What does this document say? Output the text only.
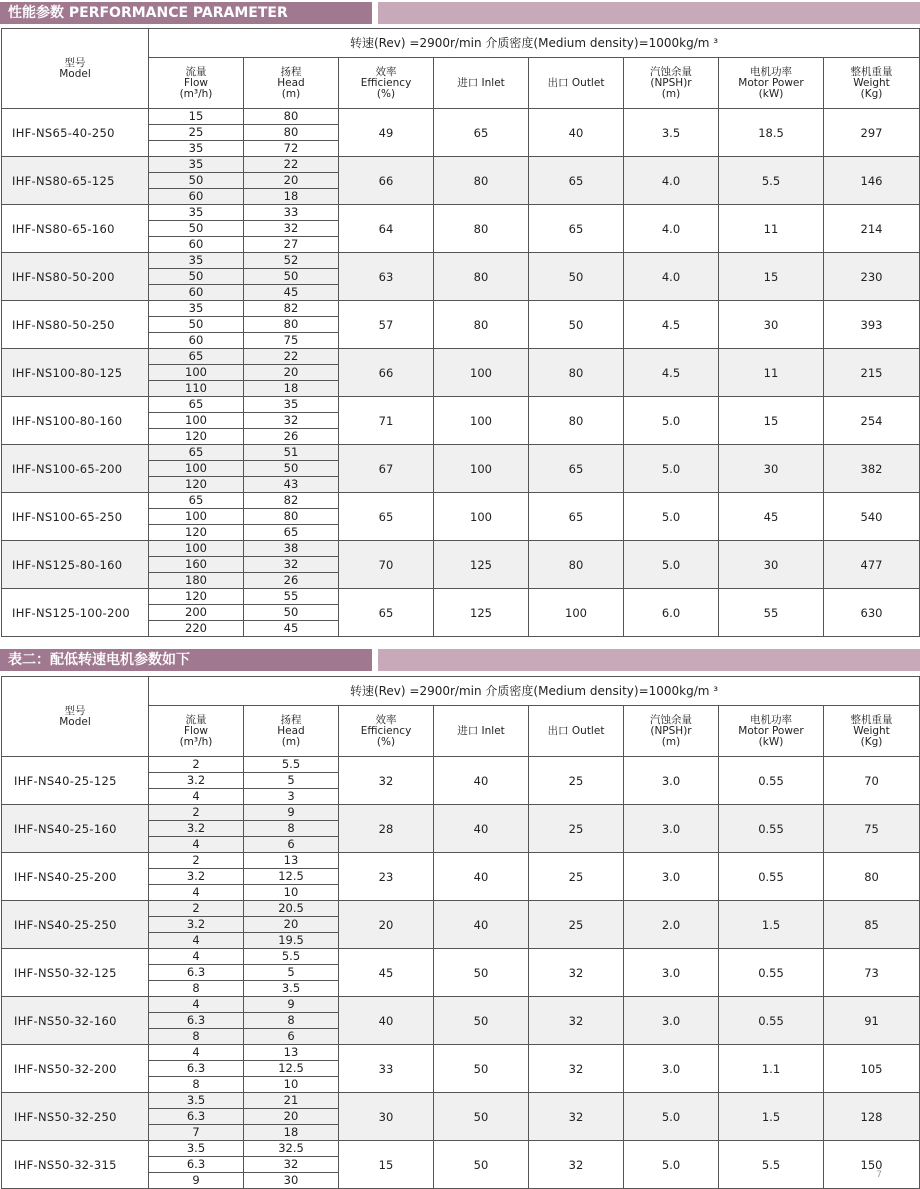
性能参数 PERFORMANCE PARAMETER
型号
Model	转速(Rev) =2900r/min 介质密度(Medium density)=1000kg/m ³							
	流量
Flow
(m³/h)	扬程
Head
(m)	效率
Efficiency
(%)	进口 Inlet	出口 Outlet	汽蚀余量
(NPSH)r
(m)	电机功率
Motor Power
(kW)	整机重量
Weight
(Kg)
IHF-NS65-40-250	15	80	49	65	40	3.5	18.5	297
	25	80						
	35	72						
IHF-NS80-65-125	35	22	66	80	65	4.0	5.5	146
	50	20						
	60	18						
IHF-NS80-65-160	35	33	64	80	65	4.0	11	214
	50	32						
	60	27						
IHF-NS80-50-200	35	52	63	80	50	4.0	15	230
	50	50						
	60	45						
IHF-NS80-50-250	35	82	57	80	50	4.5	30	393
	50	80						
	60	75						
IHF-NS100-80-125	65	22	66	100	80	4.5	11	215
	100	20						
	110	18						
IHF-NS100-80-160	65	35	71	100	80	5.0	15	254
	100	32						
	120	26						
IHF-NS100-65-200	65	51	67	100	65	5.0	30	382
	100	50						
	120	43						
IHF-NS100-65-250	65	82	65	100	65	5.0	45	540
	100	80						
	120	65						
IHF-NS125-80-160	100	38	70	125	80	5.0	30	477
	160	32						
	180	26						
IHF-NS125-100-200	120	55	65	125	100	6.0	55	630
	200	50						
	220	45						
表二：配低转速电机参数如下
型号
Model	转速(Rev) =2900r/min 介质密度(Medium density)=1000kg/m ³							
	流量
Flow
(m³/h)	扬程
Head
(m)	效率
Efficiency
(%)	进口 Inlet	出口 Outlet	汽蚀余量
(NPSH)r
(m)	电机功率
Motor Power
(kW)	整机重量
Weight
(Kg)
IHF-NS40-25-125	2	5.5	32	40	25	3.0	0.55	70
	3.2	5						
	4	3						
IHF-NS40-25-160	2	9	28	40	25	3.0	0.55	75
	3.2	8						
	4	6						
IHF-NS40-25-200	2	13	23	40	25	3.0	0.55	80
	3.2	12.5						
	4	10						
IHF-NS40-25-250	2	20.5	20	40	25	2.0	1.5	85
	3.2	20						
	4	19.5						
IHF-NS50-32-125	4	5.5	45	50	32	3.0	0.55	73
	6.3	5						
	8	3.5						
IHF-NS50-32-160	4	9	40	50	32	3.0	0.55	91
	6.3	8						
	8	6						
IHF-NS50-32-200	4	13	33	50	32	3.0	1.1	105
	6.3	12.5						
	8	10						
IHF-NS50-32-250	3.5	21	30	50	32	5.0	1.5	128
	6.3	20						
	7	18						
IHF-NS50-32-315	3.5	32.5	15	50	32	5.0	5.5	150
	6.3	32						
	9	30							7
